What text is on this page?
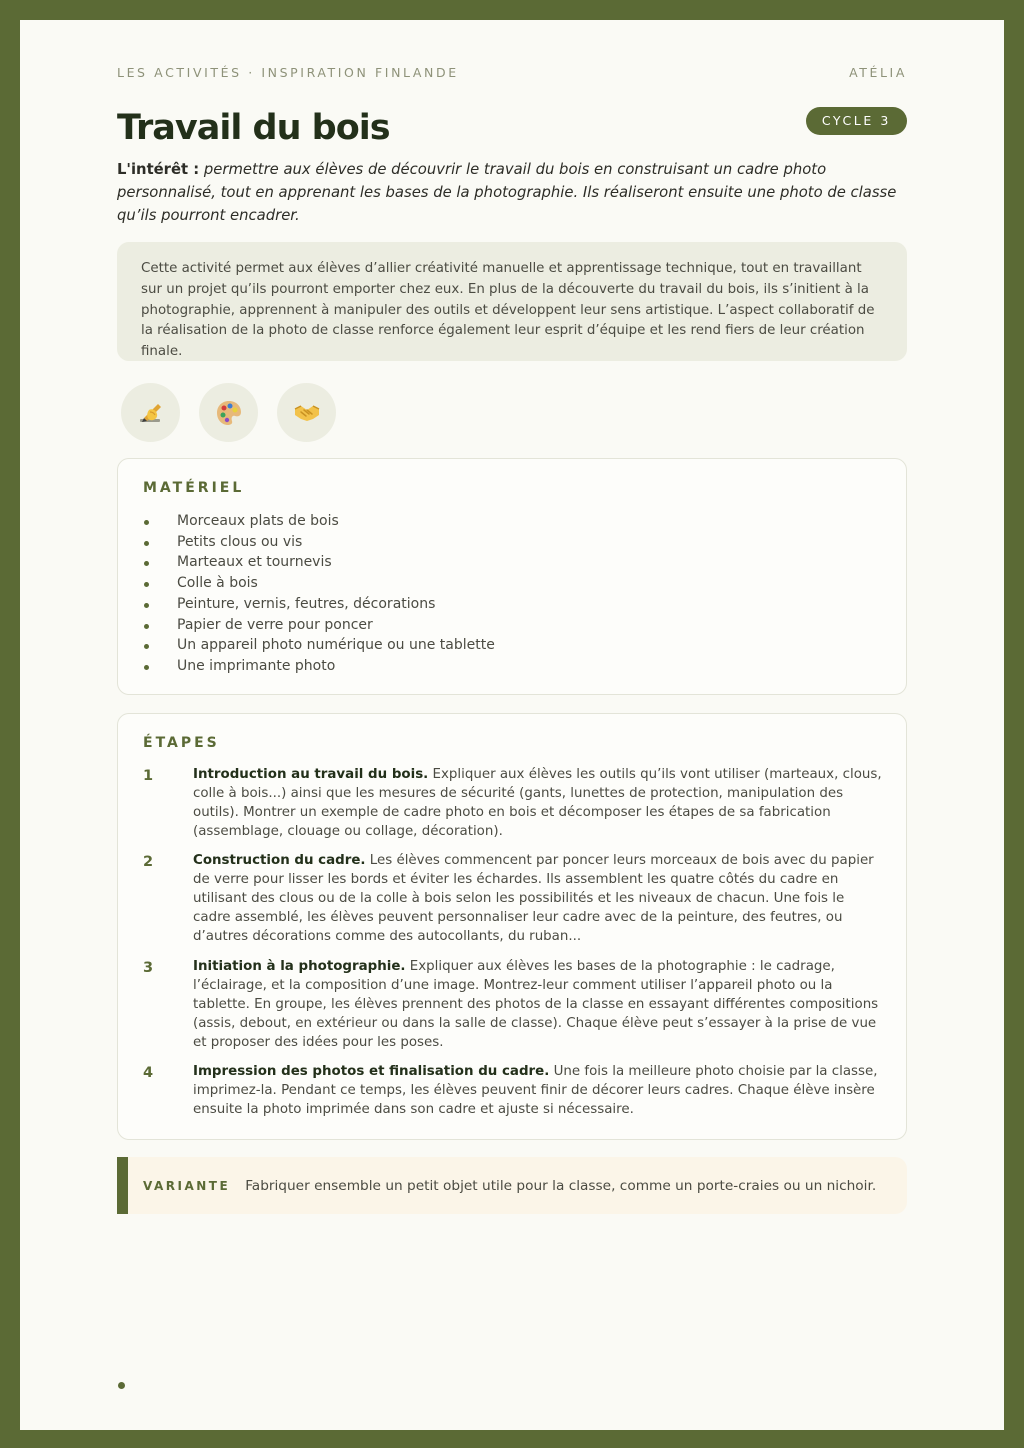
LES ACTIVITÉS · INSPIRATION FINLANDE	ATÉLIA
Travail du bois	CYCLE 3

L'intérêt : permettre aux élèves de découvrir le travail du bois en construisant un cadre photo personnalisé, tout en apprenant les bases de la photographie. Ils réaliseront ensuite une photo de classe qu’ils pourront encadrer.

Cette activité permet aux élèves d’allier créativité manuelle et apprentissage technique, tout en travaillant sur un projet qu’ils pourront emporter chez eux. En plus de la découverte du travail du bois, ils s’initient à la photographie, apprennent à manipuler des outils et développent leur sens artistique. L’aspect collaboratif de la réalisation de la photo de classe renforce également leur esprit d’équipe et les rend fiers de leur création finale.
MATÉRIEL
Morceaux plats de bois
Petits clous ou vis
Marteaux et tournevis
Colle à bois
Peinture, vernis, feutres, décorations
Papier de verre pour poncer
Un appareil photo numérique ou une tablette
Une imprimante photo
ÉTAPES
1	Introduction au travail du bois. Expliquer aux élèves les outils qu’ils vont utiliser (marteaux, clous, colle à bois...) ainsi que les mesures de sécurité (gants, lunettes de protection, manipulation des outils). Montrer un exemple de cadre photo en bois et décomposer les étapes de sa fabrication (assemblage, clouage ou collage, décoration).
2	Construction du cadre. Les élèves commencent par poncer leurs morceaux de bois avec du papier de verre pour lisser les bords et éviter les échardes. Ils assemblent les quatre côtés du cadre en utilisant des clous ou de la colle à bois selon les possibilités et les niveaux de chacun. Une fois le cadre assemblé, les élèves peuvent personnaliser leur cadre avec de la peinture, des feutres, ou d’autres décorations comme des autocollants, du ruban...
3	Initiation à la photographie. Expliquer aux élèves les bases de la photographie : le cadrage, l’éclairage, et la composition d’une image. Montrez-leur comment utiliser l’appareil photo ou la tablette. En groupe, les élèves prennent des photos de la classe en essayant différentes compositions (assis, debout, en extérieur ou dans la salle de classe). Chaque élève peut s’essayer à la prise de vue et proposer des idées pour les poses.
4	Impression des photos et finalisation du cadre. Une fois la meilleure photo choisie par la classe, imprimez-la. Pendant ce temps, les élèves peuvent finir de décorer leurs cadres. Chaque élève insère ensuite la photo imprimée dans son cadre et ajuste si nécessaire.
VARIANTE Fabriquer ensemble un petit objet utile pour la classe, comme un porte-craies ou un nichoir.
